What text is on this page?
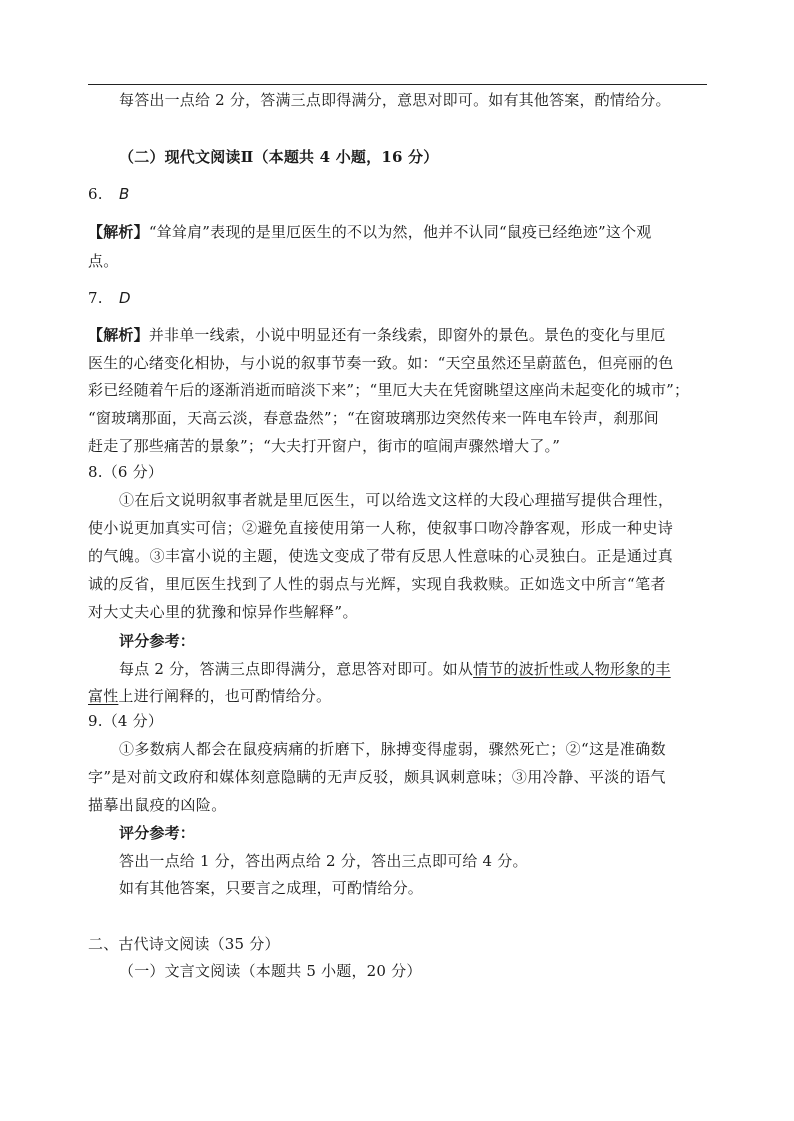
每答出一点给 2 分，答满三点即得满分，意思对即可。如有其他答案，酌情给分。
（二）现代文阅读Ⅱ（本题共 4 小题，16 分）
6. B
【解析】“耸耸肩”表现的是里厄医生的不以为然，他并不认同“鼠疫已经绝迹”这个观
点。
7. D
【解析】并非单一线索，小说中明显还有一条线索，即窗外的景色。景色的变化与里厄
医生的心绪变化相协，与小说的叙事节奏一致。如：“天空虽然还呈蔚蓝色，但亮丽的色
彩已经随着午后的逐渐消逝而暗淡下来”；“里厄大夫在凭窗眺望这座尚未起变化的城市”；
“窗玻璃那面，天高云淡，春意盎然”；“在窗玻璃那边突然传来一阵电车铃声，刹那间
赶走了那些痛苦的景象”；“大夫打开窗户，街市的喧闹声骤然增大了。”
8.（6 分）
①在后文说明叙事者就是里厄医生，可以给选文这样的大段心理描写提供合理性，
使小说更加真实可信；②避免直接使用第一人称，使叙事口吻冷静客观，形成一种史诗
的气魄。③丰富小说的主题，使选文变成了带有反思人性意味的心灵独白。正是通过真
诚的反省，里厄医生找到了人性的弱点与光辉，实现自我救赎。正如选文中所言“笔者
对大丈夫心里的犹豫和惊异作些解释”。
评分参考：
每点 2 分，答满三点即得满分，意思答对即可。如从情节的波折性或人物形象的丰
富性上进行阐释的，也可酌情给分。
9.（4 分）
①多数病人都会在鼠疫病痛的折磨下，脉搏变得虚弱，骤然死亡；②“这是准确数
字”是对前文政府和媒体刻意隐瞒的无声反驳，颇具讽刺意味；③用冷静、平淡的语气
描摹出鼠疫的凶险。
评分参考：
答出一点给 1 分，答出两点给 2 分，答出三点即可给 4 分。
如有其他答案，只要言之成理，可酌情给分。
二、古代诗文阅读（35 分）
（一）文言文阅读（本题共 5 小题，20 分）
